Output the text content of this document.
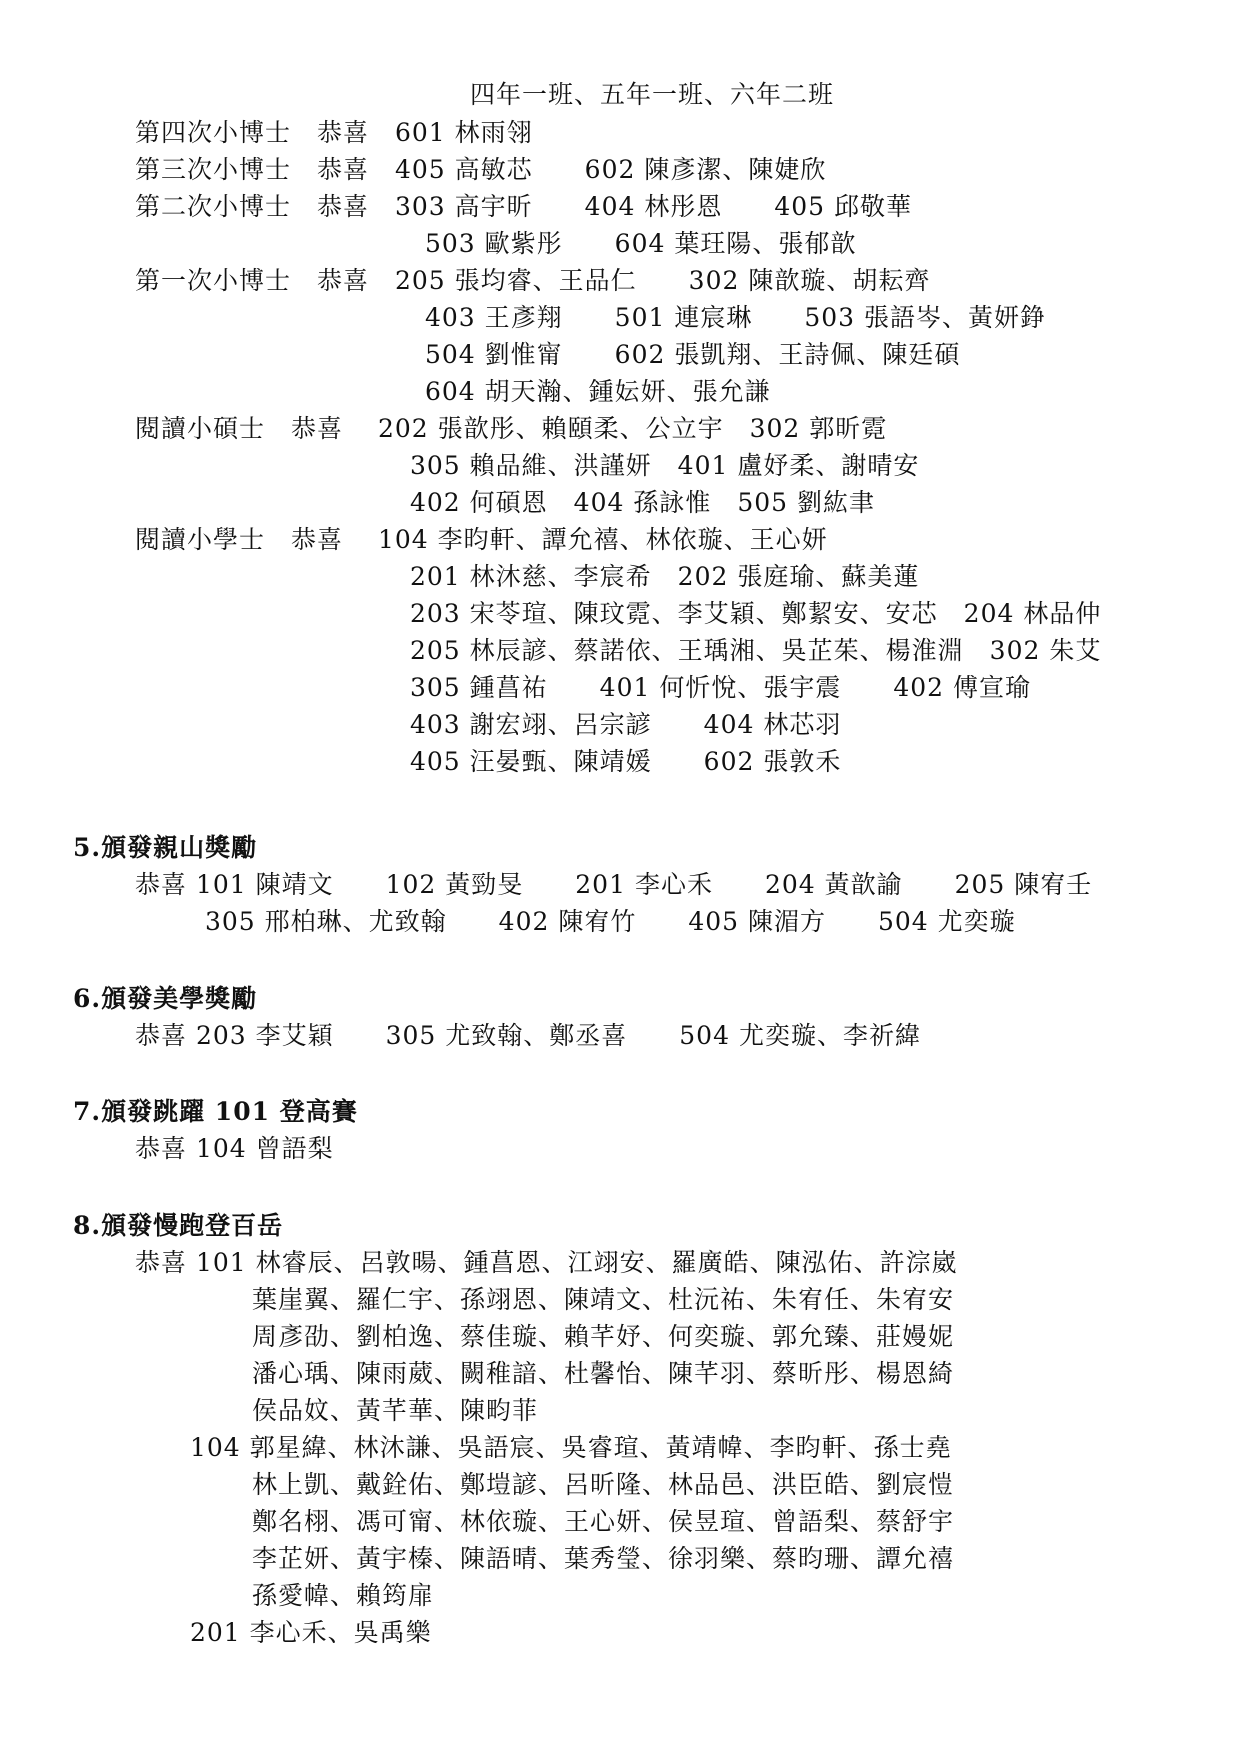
四年一班、五年一班、六年二班
第四次小博士　恭喜　601 林雨翎
第三次小博士　恭喜　405 高敏芯　　602 陳彥潔、陳婕欣
第二次小博士　恭喜　303 高宇昕　　404 林彤恩　　405 邱敬華
503 歐紫彤　　604 葉玨陽、張郁歆
第一次小博士　恭喜　205 張均睿、王品仁　　302 陳歆璇、胡耘齊
403 王彥翔　　501 連宸琳　　503 張語岑、黃妍錚
504 劉惟甯　　602 張凱翔、王詩佩、陳廷碩
604 胡天瀚、鍾妘妍、張允謙
閱讀小碩士　恭喜　 202 張歆彤、賴頤柔、公立宇　302 郭昕霓
305 賴品維、洪謹妍　401 盧妤柔、謝晴安
402 何碩恩　404 孫詠惟　505 劉紘聿
閱讀小學士　恭喜　 104 李昀軒、譚允禧、林依璇、王心妍
201 林沐慈、李宸希　202 張庭瑜、蘇美蓮
203 宋苓瑄、陳玟霓、李艾穎、鄭絜安、安芯　204 林品仲
205 林辰諺、蔡諾依、王瑀湘、吳芷茱、楊淮淵　302 朱艾
305 鍾菖祐　　401 何忻悅、張宇震　　402 傅宣瑜
403 謝宏翊、呂宗諺　　404 林芯羽
405 汪晏甄、陳靖媛　　602 張敦禾
5.頒發親山獎勵
恭喜 101 陳靖文　　102 黃勁旻　　201 李心禾　　204 黃歆諭　　205 陳宥壬
305 邢柏琳、尤致翰　　402 陳宥竹　　405 陳湄方　　504 尤奕璇
6.頒發美學獎勵
恭喜 203 李艾穎　　305 尤致翰、鄭丞喜　　504 尤奕璇、李祈緯
7.頒發跳躍 101 登高賽
恭喜 104 曾語梨
8.頒發慢跑登百岳
恭喜 101 林睿辰、呂敦暘、鍾菖恩、江翊安、羅廣皓、陳泓佑、許淙崴
葉崖翼、羅仁宇、孫翊恩、陳靖文、杜沅祐、朱宥任、朱宥安
周彥劭、劉柏逸、蔡佳璇、賴芊妤、何奕璇、郭允臻、莊嫚妮
潘心瑀、陳雨葳、闕稚諳、杜馨怡、陳芊羽、蔡昕彤、楊恩綺
侯品妏、黃芊華、陳畇菲
104 郭星緯、林沐謙、吳語宸、吳睿瑄、黃靖幃、李昀軒、孫士堯
林上凱、戴銓佑、鄭塏諺、呂昕隆、林品邑、洪臣皓、劉宸愷
鄭名栩、馮可甯、林依璇、王心妍、侯昱瑄、曾語梨、蔡舒宇
李芷妍、黃宇榛、陳語晴、葉秀瑩、徐羽樂、蔡昀珊、譚允禧
孫愛幃、賴筠扉
201 李心禾、吳禹樂
